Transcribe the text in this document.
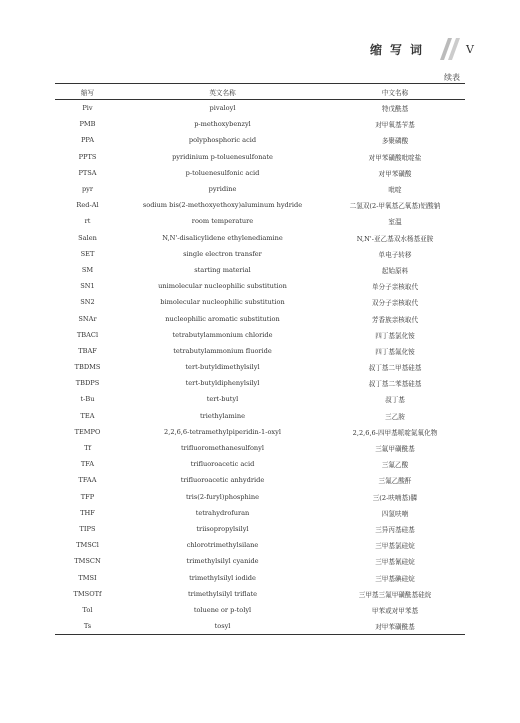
缩写词	V
续表
缩写	英文名称	中文名称
Piv	pivaloyl	特戊酰基
PMB	p-methoxybenzyl	对甲氧基苄基
PPA	polyphosphoric acid	多聚磷酸
PPTS	pyridinium p-toluenesulfonate	对甲苯磺酸吡啶盐
PTSA	p-toluenesulfonic acid	对甲苯磺酸
pyr	pyridine	吡啶
Red-Al	sodium bis(2-methoxyethoxy)aluminum hydride	二氢双(2-甲氧基乙氧基)铝酸钠
rt	room temperature	室温
Salen	N,N'-disalicylidene ethylenediamine	N,N'-亚乙基双水杨基亚胺
SET	single electron transfer	单电子转移
SM	starting material	起始原料
SN1	unimolecular nucleophilic substitution	单分子亲核取代
SN2	bimolecular nucleophilic substitution	双分子亲核取代
SNAr	nucleophilic aromatic substitution	芳香族亲核取代
TBACl	tetrabutylammonium chloride	四丁基氯化铵
TBAF	tetrabutylammonium fluoride	四丁基氟化铵
TBDMS	tert-butyldimethylsilyl	叔丁基二甲基硅基
TBDPS	tert-butyldiphenylsilyl	叔丁基二苯基硅基
t-Bu	tert-butyl	叔丁基
TEA	triethylamine	三乙胺
TEMPO	2,2,6,6-tetramethylpiperidin-1-oxyl	2,2,6,6-四甲基哌啶氮氧化物
Tf	trifluoromethanesulfonyl	三氟甲磺酰基
TFA	trifluoroacetic acid	三氟乙酸
TFAA	trifluoroacetic anhydride	三氟乙酸酐
TFP	tris(2-furyl)phosphine	三(2-呋喃基)膦
THF	tetrahydrofuran	四氢呋喃
TIPS	triisopropylsilyl	三异丙基硅基
TMSCl	chlorotrimethylsilane	三甲基氯硅烷
TMSCN	trimethylsilyl cyanide	三甲基氰硅烷
TMSI	trimethylsilyl iodide	三甲基碘硅烷
TMSOTf	trimethylsilyl triflate	三甲基三氟甲磺酰基硅烷
Tol	toluene or p-tolyl	甲苯或对甲苯基
Ts	tosyl	对甲苯磺酰基
